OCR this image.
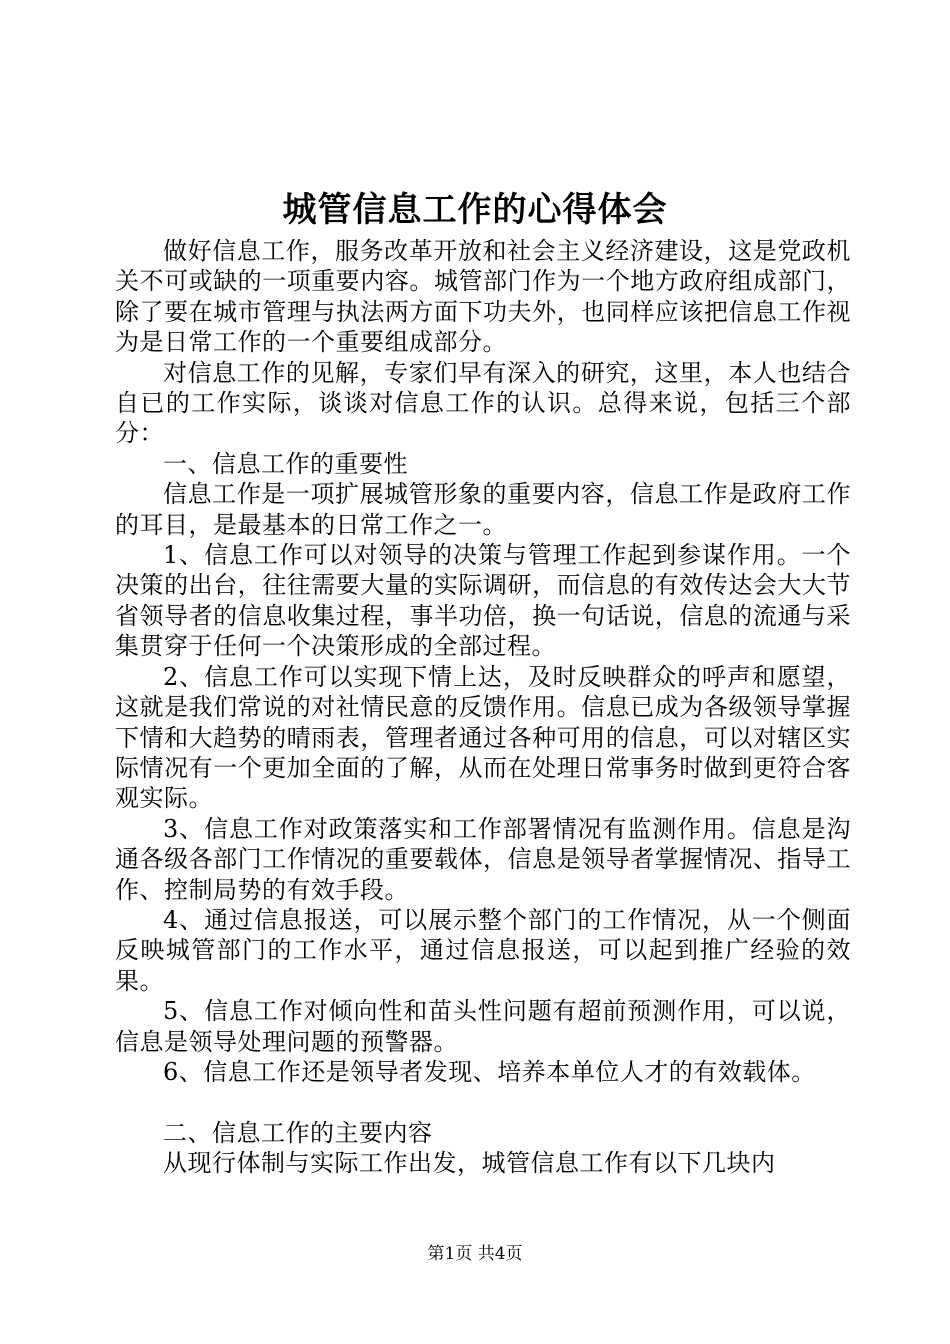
城管信息工作的心得体会

做好信息工作，服务改革开放和社会主义经济建设，这是党政机关不可或缺的一项重要内容。城管部门作为一个地方政府组成部门，除了要在城市管理与执法两方面下功夫外，也同样应该把信息工作视为是日常工作的一个重要组成部分。

对信息工作的见解，专家们早有深入的研究，这里，本人也结合自已的工作实际，谈谈对信息工作的认识。总得来说，包括三个部分：

一、信息工作的重要性

信息工作是一项扩展城管形象的重要内容，信息工作是政府工作的耳目，是最基本的日常工作之一。

1、信息工作可以对领导的决策与管理工作起到参谋作用。一个决策的出台，往往需要大量的实际调研，而信息的有效传达会大大节省领导者的信息收集过程，事半功倍，换一句话说，信息的流通与采集贯穿于任何一个决策形成的全部过程。

2、信息工作可以实现下情上达，及时反映群众的呼声和愿望，这就是我们常说的对社情民意的反馈作用。信息已成为各级领导掌握下情和大趋势的晴雨表，管理者通过各种可用的信息，可以对辖区实际情况有一个更加全面的了解，从而在处理日常事务时做到更符合客观实际。

3、信息工作对政策落实和工作部署情况有监测作用。信息是沟通各级各部门工作情况的重要载体，信息是领导者掌握情况、指导工作、控制局势的有效手段。

4、通过信息报送，可以展示整个部门的工作情况，从一个侧面反映城管部门的工作水平，通过信息报送，可以起到推广经验的效果。

5、信息工作对倾向性和苗头性问题有超前预测作用，可以说，信息是领导处理问题的预警器。

6、信息工作还是领导者发现、培养本单位人才的有效载体。

二、信息工作的主要内容

从现行体制与实际工作出发，城管信息工作有以下几块内

第1页 共4页
